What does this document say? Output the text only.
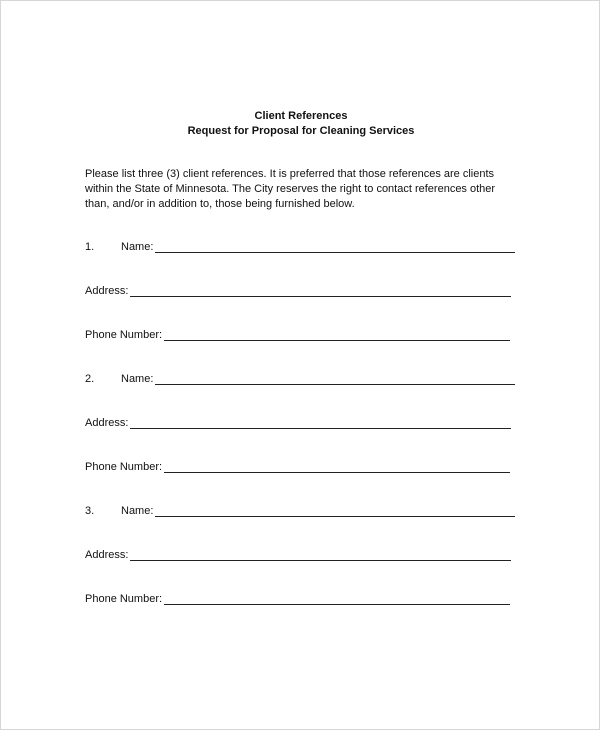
Client References
Request for Proposal for Cleaning Services
Please list three (3) client references. It is preferred that those references are clients
within the State of Minnesota. The City reserves the right to contact references other
than, and/or in addition to, those being furnished below.
1.	Name:
Address:
Phone Number:
2.	Name:
Address:
Phone Number:
3.	Name:
Address:
Phone Number:
